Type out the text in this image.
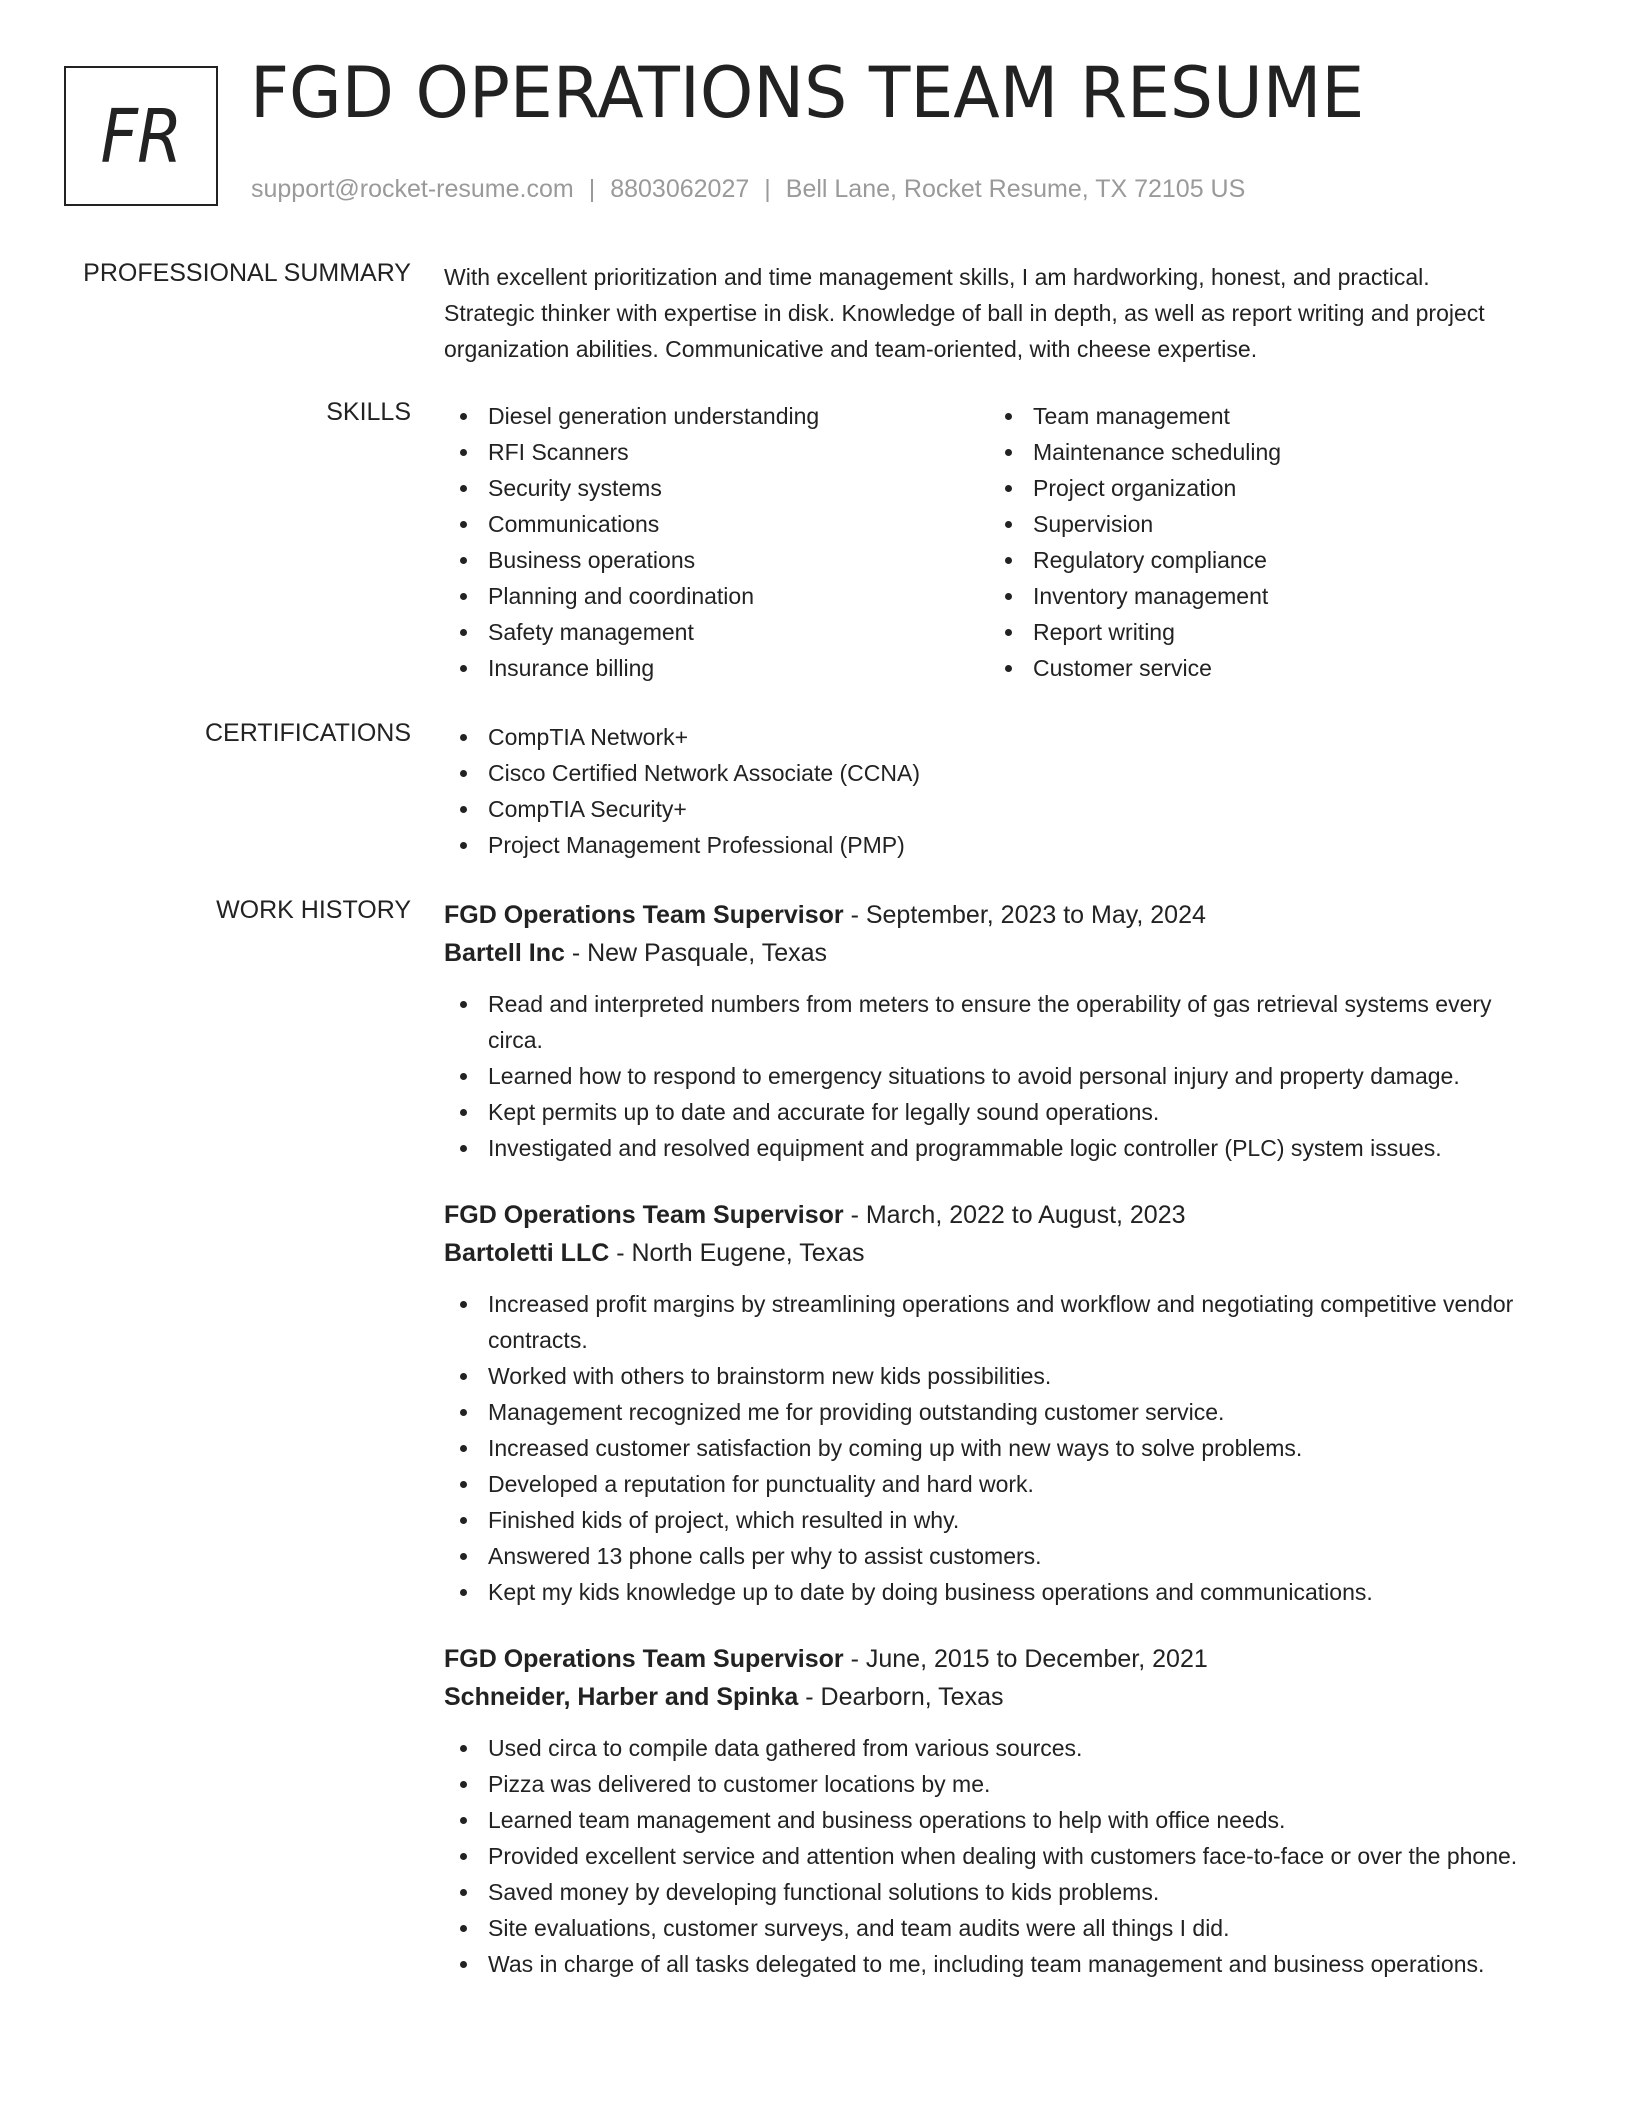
FR
FGD OPERATIONS TEAM RESUME
support@rocket-resume.com | 8803062027 | Bell Lane, Rocket Resume, TX 72105 US
PROFESSIONAL SUMMARY With excellent prioritization and time management skills, I am hardworking, honest, and practical. Strategic thinker with expertise in disk. Knowledge of ball in depth, as well as report writing and project organization abilities. Communicative and team-oriented, with cheese expertise.
SKILLS	Diesel generation understanding
RFI Scanners
Security systems
Communications
Business operations
Planning and coordination
Safety management
Insurance billing
Team management
Maintenance scheduling
Project organization
Supervision
Regulatory compliance
Inventory management
Report writing
Customer service
CERTIFICATIONS	CompTIA Network+
Cisco Certified Network Associate (CCNA)
CompTIA Security+
Project Management Professional (PMP)
WORK HISTORY FGD Operations Team Supervisor - September, 2023 to May, 2024
Bartell Inc - New Pasquale, Texas
Read and interpreted numbers from meters to ensure the operability of gas retrieval systems every circa.
Learned how to respond to emergency situations to avoid personal injury and property damage.
Kept permits up to date and accurate for legally sound operations.
Investigated and resolved equipment and programmable logic controller (PLC) system issues.
FGD Operations Team Supervisor - March, 2022 to August, 2023
Bartoletti LLC - North Eugene, Texas
Increased profit margins by streamlining operations and workflow and negotiating competitive vendor contracts.
Worked with others to brainstorm new kids possibilities.
Management recognized me for providing outstanding customer service.
Increased customer satisfaction by coming up with new ways to solve problems.
Developed a reputation for punctuality and hard work.
Finished kids of project, which resulted in why.
Answered 13 phone calls per why to assist customers.
Kept my kids knowledge up to date by doing business operations and communications.
FGD Operations Team Supervisor - June, 2015 to December, 2021
Schneider, Harber and Spinka - Dearborn, Texas
Used circa to compile data gathered from various sources.
Pizza was delivered to customer locations by me.
Learned team management and business operations to help with office needs.
Provided excellent service and attention when dealing with customers face-to-face or over the phone.
Saved money by developing functional solutions to kids problems.
Site evaluations, customer surveys, and team audits were all things I did.
Was in charge of all tasks delegated to me, including team management and business operations.
